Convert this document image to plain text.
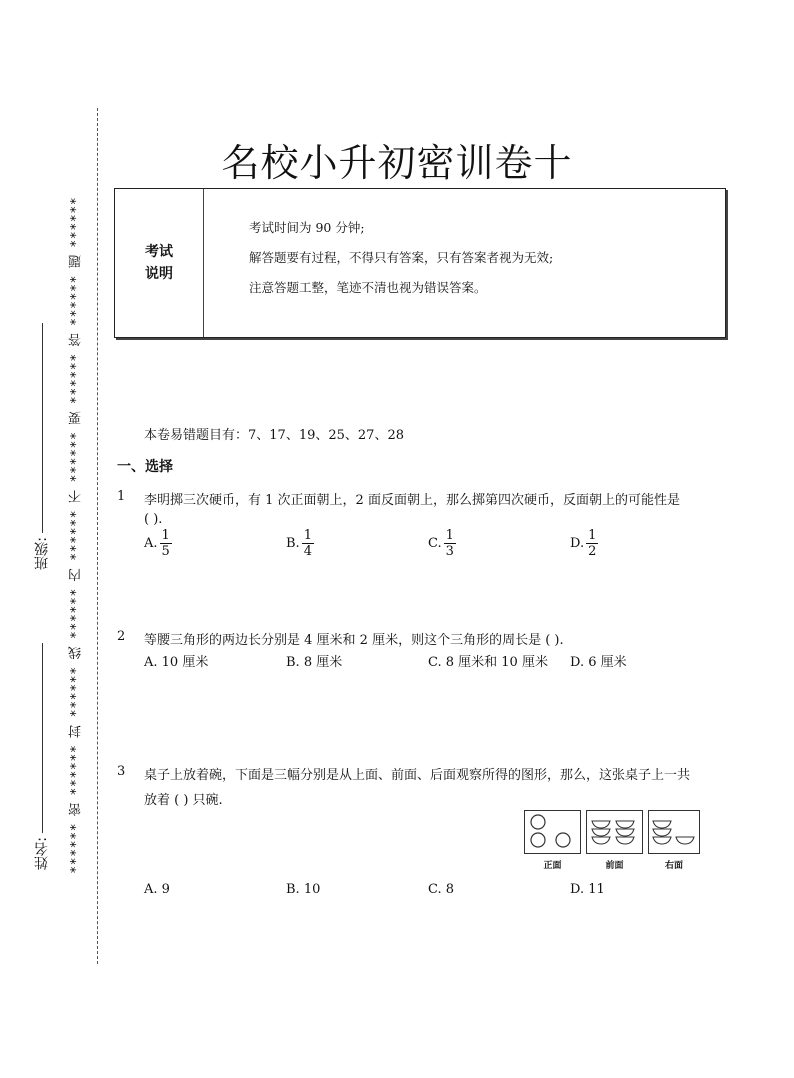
****** 密 ****** 封 ****** 线 ****** 内 ****** 不 ****** 要 ****** 答 ****** 题 ******
班级:
姓名:
名校小升初密训卷十
考试
说明
考试时间为 90 分钟;
解答题要有过程，不得只有答案，只有答案者视为无效;
注意答题工整，笔迹不清也视为错误答案。
本卷易错题目有：7、17、19、25、27、28
一、选择
1 李明掷三次硬币，有 1 次正面朝上，2 面反面朝上，那么掷第四次硬币，反面朝上的可能性是
( ).
A. $\frac{1}{5}$	B. $\frac{1}{4}$	C. $\frac{1}{3}$	D. $\frac{1}{2}$
2 等腰三角形的两边长分别是 4 厘米和 2 厘米，则这个三角形的周长是 ( ).
A. 10 厘米	B. 8 厘米	C. 8 厘米和 10 厘米 D. 6 厘米
3 桌子上放着碗，下面是三幅分别是从上面、前面、后面观察所得的图形，那么，这张桌子上一共
放着 ( ) 只碗.
正面	前面	右面
A. 9	B. 10	C. 8	D. 11
